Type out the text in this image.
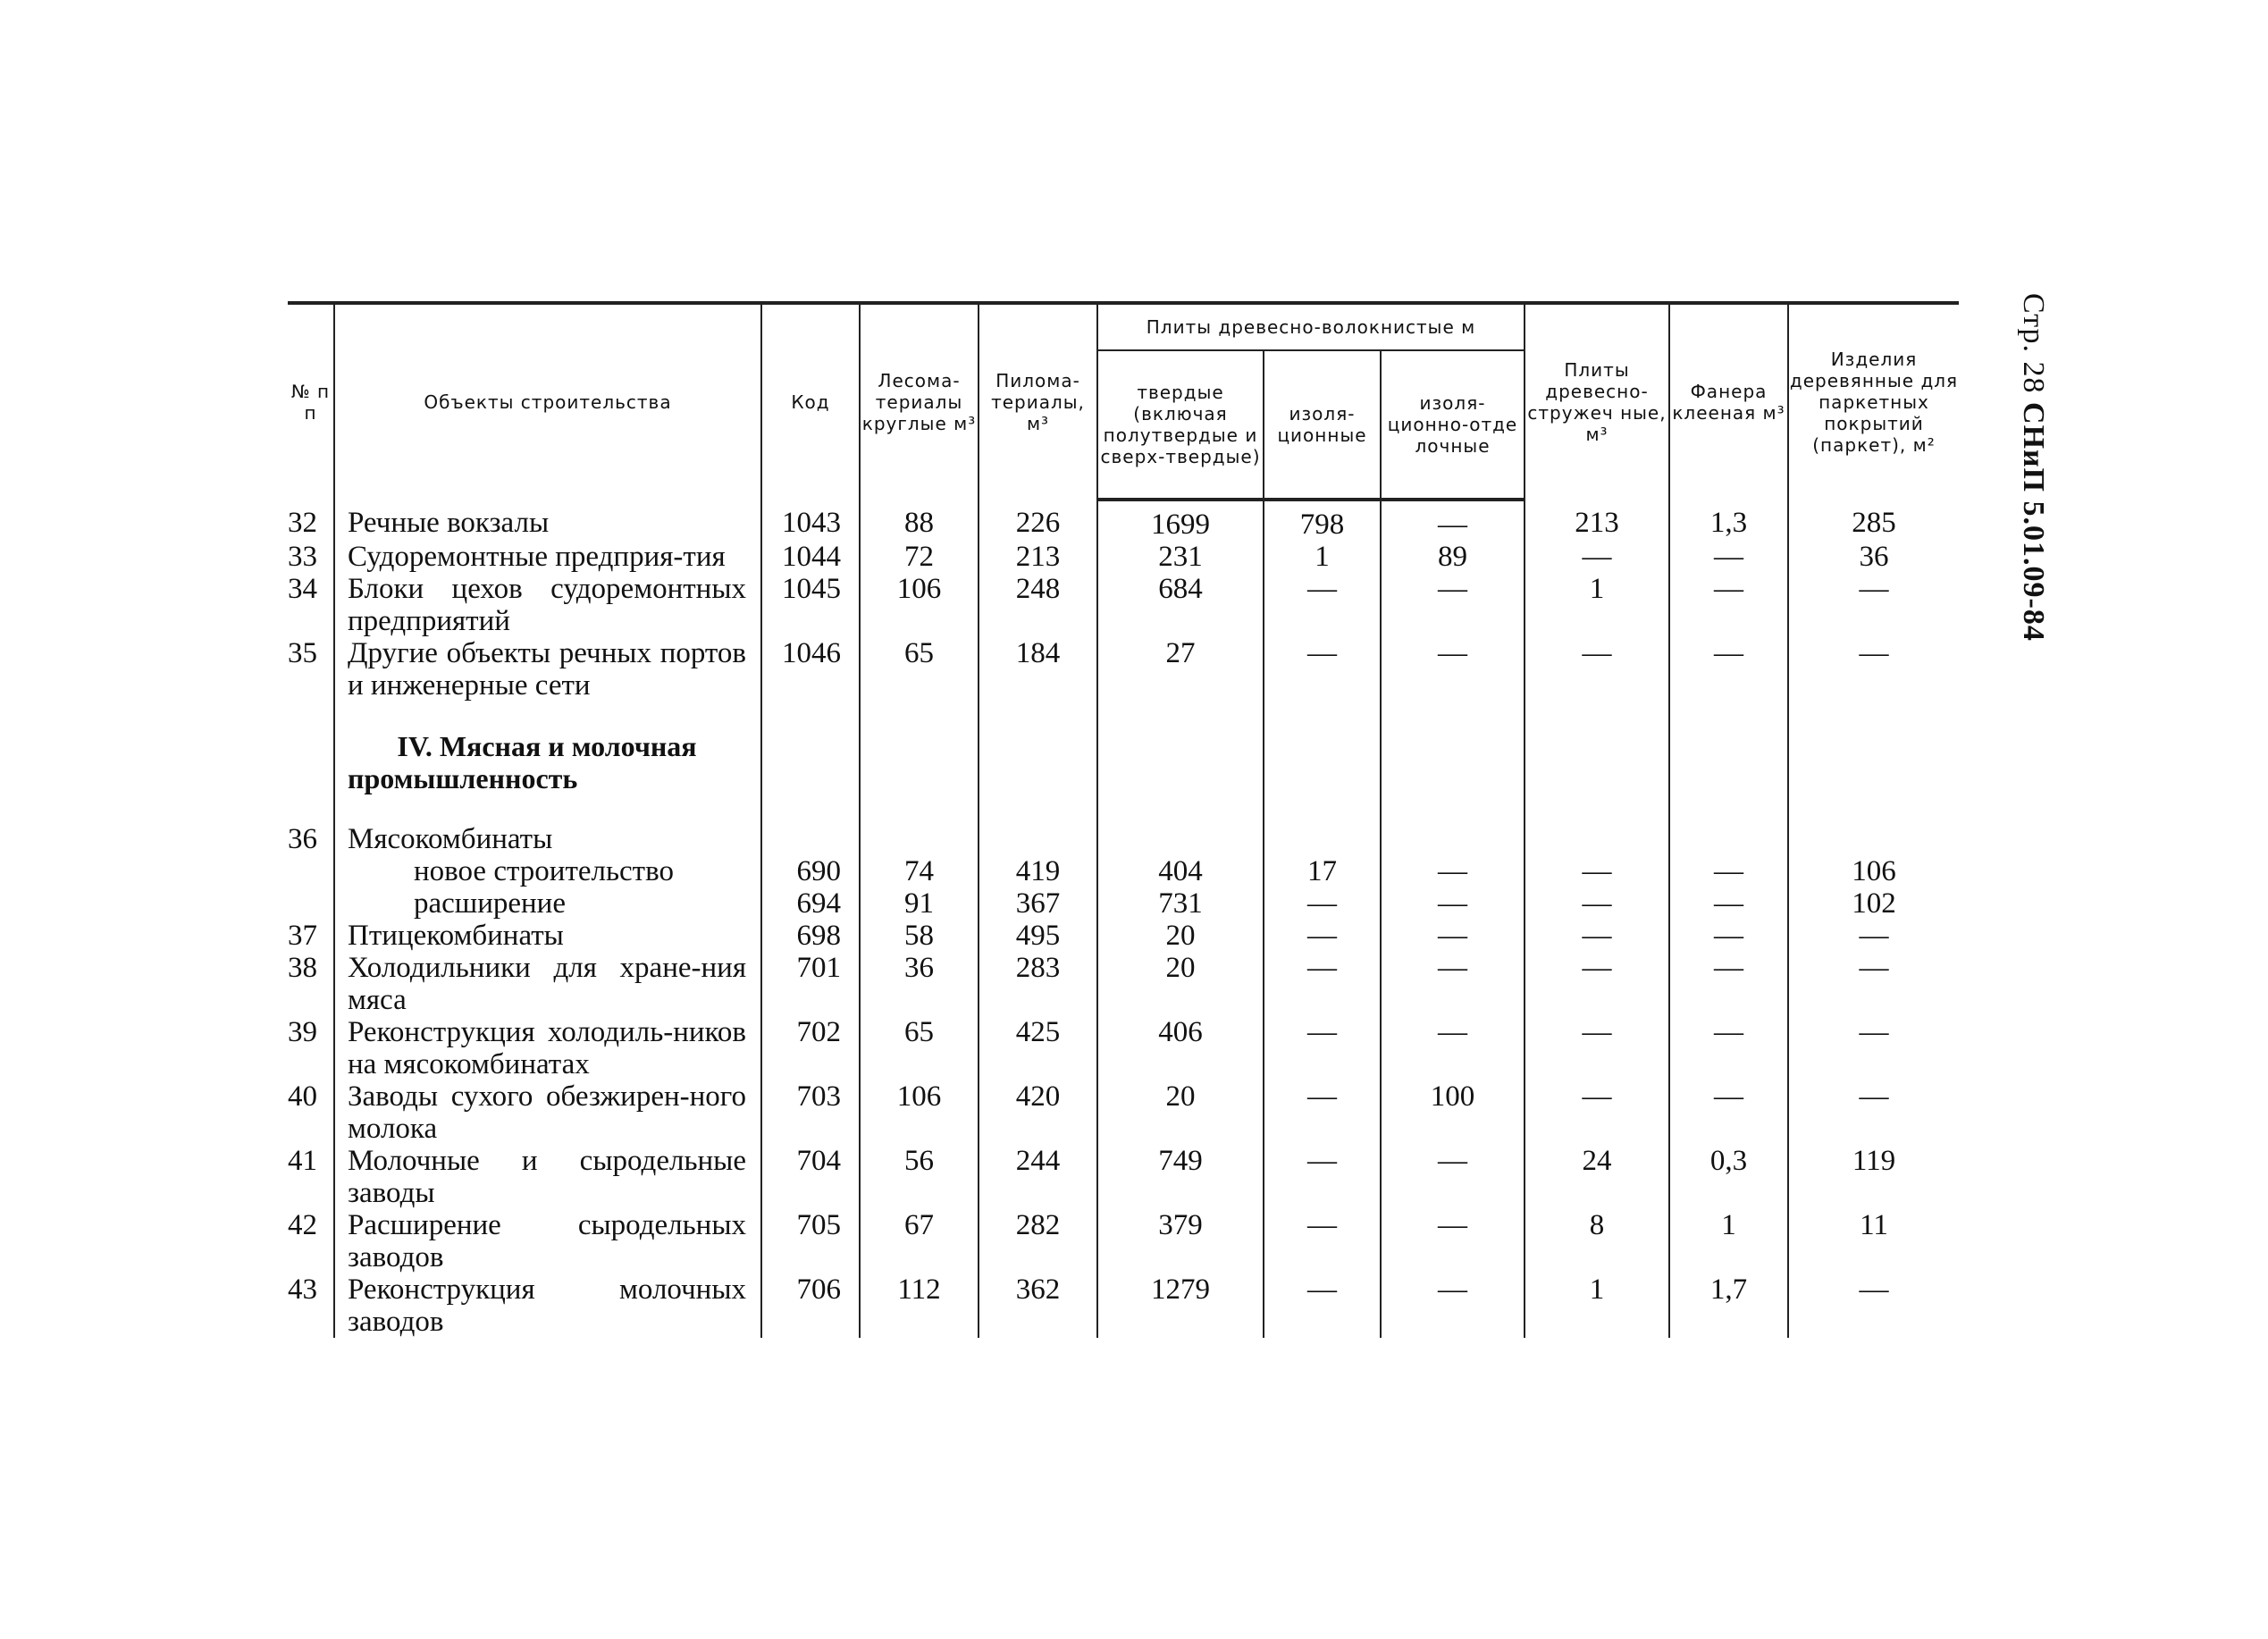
№ п п	Объекты строительства	Код	Лесома-териалы круглые м³	Пилома-териалы, м³	Плиты древесно-волокнистые м			Плиты древесно-стружеч ные, м³	Фанера клееная м³	Изделия деревянные для паркетных покрытий (паркет), м²
					твердые (включая полутвердые и сверх-твердые)	изоля-ционные	изоля-ционно-отде лочные			
32	Речные вокзалы	1043	88	226	1699	798	—	213	1,3	285
33	Судоремонтные предприя-тия	1044	72	213	231	1	89	—	—	36
34	Блоки цехов судоремонтных предприятий	1045	106	248	684	—	—	1	—	—
35	Другие объекты речных портов и инженерные сети	1046	65	184	27	—	—	—	—	—

	IV. Мясная и молочная промышленность									

36	Мясокомбинаты									

	новое строительство	690	74	419	404	17	—	—	—	106

	расширение	694	91	367	731	—	—	—	—	102
37	Птицекомбинаты	698	58	495	20	—	—	—	—	—
38	Холодильники для хране-ния мяса	701	36	283	20	—	—	—	—	—
39	Реконструкция холодиль-ников на мясокомбинатах	702	65	425	406	—	—	—	—	—
40	Заводы сухого обезжирен-ного молока	703	106	420	20	—	100	—	—	—
41	Молочные и сыродельные заводы	704	56	244	749	—	—	24	0,3	119
42	Расширение сыродельных заводов	705	67	282	379	—	—	8	1	11
43	Реконструкция молочных заводов	706	112	362	1279	—	—	1	1,7	—
Стр. 28 СНиП 5.01.09-84
